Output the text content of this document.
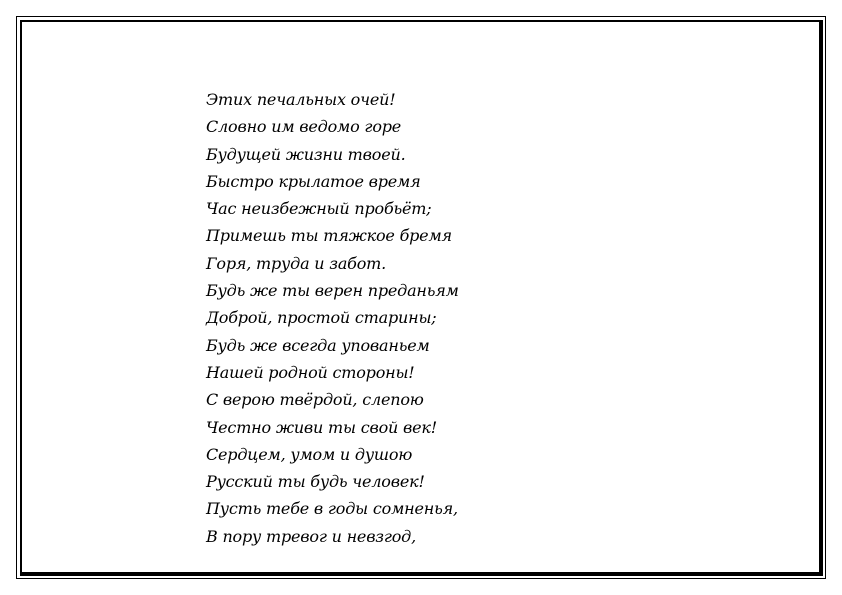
Этих печальных очей!
Словно им ведомо горе
Будущей жизни твоей.
Быстро крылатое время
Час неизбежный пробьёт;
Примешь ты тяжкое бремя
Горя, труда и забот.
Будь же ты верен преданьям
Доброй, простой старины;
Будь же всегда упованьем
Нашей родной стороны!
С верою твёрдой, слепою
Честно живи ты свой век!
Сердцем, умом и душою
Русский ты будь человек!
Пусть тебе в годы сомненья,
В пору тревог и невзгод,
